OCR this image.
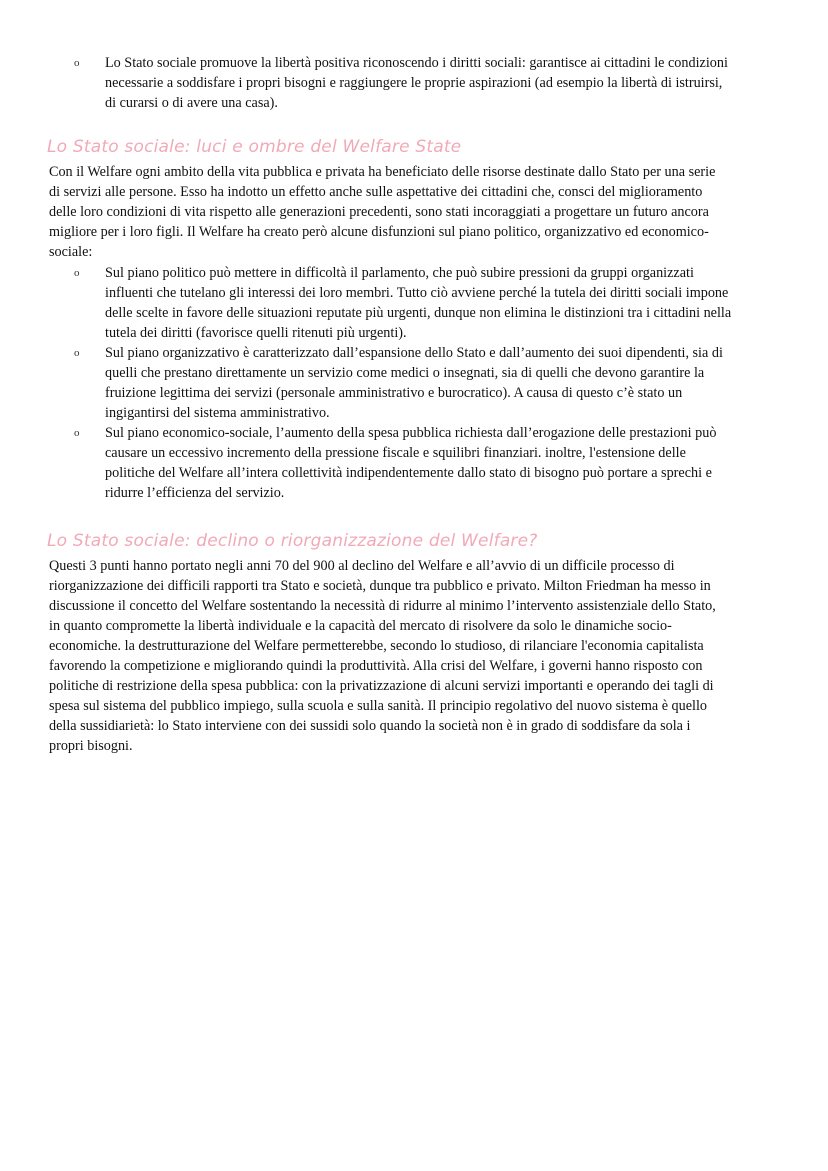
o Lo Stato sociale promuove la libertà positiva riconoscendo i diritti sociali: garantisce ai cittadini le condizioni
necessarie a soddisfare i propri bisogni e raggiungere le proprie aspirazioni (ad esempio la libertà di istruirsi,
di curarsi o di avere una casa).
Lo Stato sociale: luci e ombre del Welfare State

Con il Welfare ogni ambito della vita pubblica e privata ha beneficiato delle risorse destinate dallo Stato per una serie
di servizi alle persone. Esso ha indotto un effetto anche sulle aspettative dei cittadini che, consci del miglioramento
delle loro condizioni di vita rispetto alle generazioni precedenti, sono stati incoraggiati a progettare un futuro ancora
migliore per i loro figli. Il Welfare ha creato però alcune disfunzioni sul piano politico, organizzativo ed economico-
sociale:

o Sul piano politico può mettere in difficoltà il parlamento, che può subire pressioni da gruppi organizzati
influenti che tutelano gli interessi dei loro membri. Tutto ciò avviene perché la tutela dei diritti sociali impone
delle scelte in favore delle situazioni reputate più urgenti, dunque non elimina le distinzioni tra i cittadini nella
tutela dei diritti (favorisce quelli ritenuti più urgenti).
o Sul piano organizzativo è caratterizzato dall’espansione dello Stato e dall’aumento dei suoi dipendenti, sia di
quelli che prestano direttamente un servizio come medici o insegnati, sia di quelli che devono garantire la
fruizione legittima dei servizi (personale amministrativo e burocratico). A causa di questo c’è stato un
ingigantirsi del sistema amministrativo.
o Sul piano economico-sociale, l’aumento della spesa pubblica richiesta dall’erogazione delle prestazioni può
causare un eccessivo incremento della pressione fiscale e squilibri finanziari. inoltre, l'estensione delle
politiche del Welfare all’intera collettività indipendentemente dallo stato di bisogno può portare a sprechi e
ridurre l’efficienza del servizio.
Lo Stato sociale: declino o riorganizzazione del Welfare?

Questi 3 punti hanno portato negli anni 70 del 900 al declino del Welfare e all’avvio di un difficile processo di
riorganizzazione dei difficili rapporti tra Stato e società, dunque tra pubblico e privato. Milton Friedman ha messo in
discussione il concetto del Welfare sostentando la necessità di ridurre al minimo l’intervento assistenziale dello Stato,
in quanto compromette la libertà individuale e la capacità del mercato di risolvere da solo le dinamiche socio-
economiche. la destrutturazione del Welfare permetterebbe, secondo lo studioso, di rilanciare l'economia capitalista
favorendo la competizione e migliorando quindi la produttività. Alla crisi del Welfare, i governi hanno risposto con
politiche di restrizione della spesa pubblica: con la privatizzazione di alcuni servizi importanti e operando dei tagli di
spesa sul sistema del pubblico impiego, sulla scuola e sulla sanità. Il principio regolativo del nuovo sistema è quello
della sussidiarietà: lo Stato interviene con dei sussidi solo quando la società non è in grado di soddisfare da sola i
propri bisogni.
